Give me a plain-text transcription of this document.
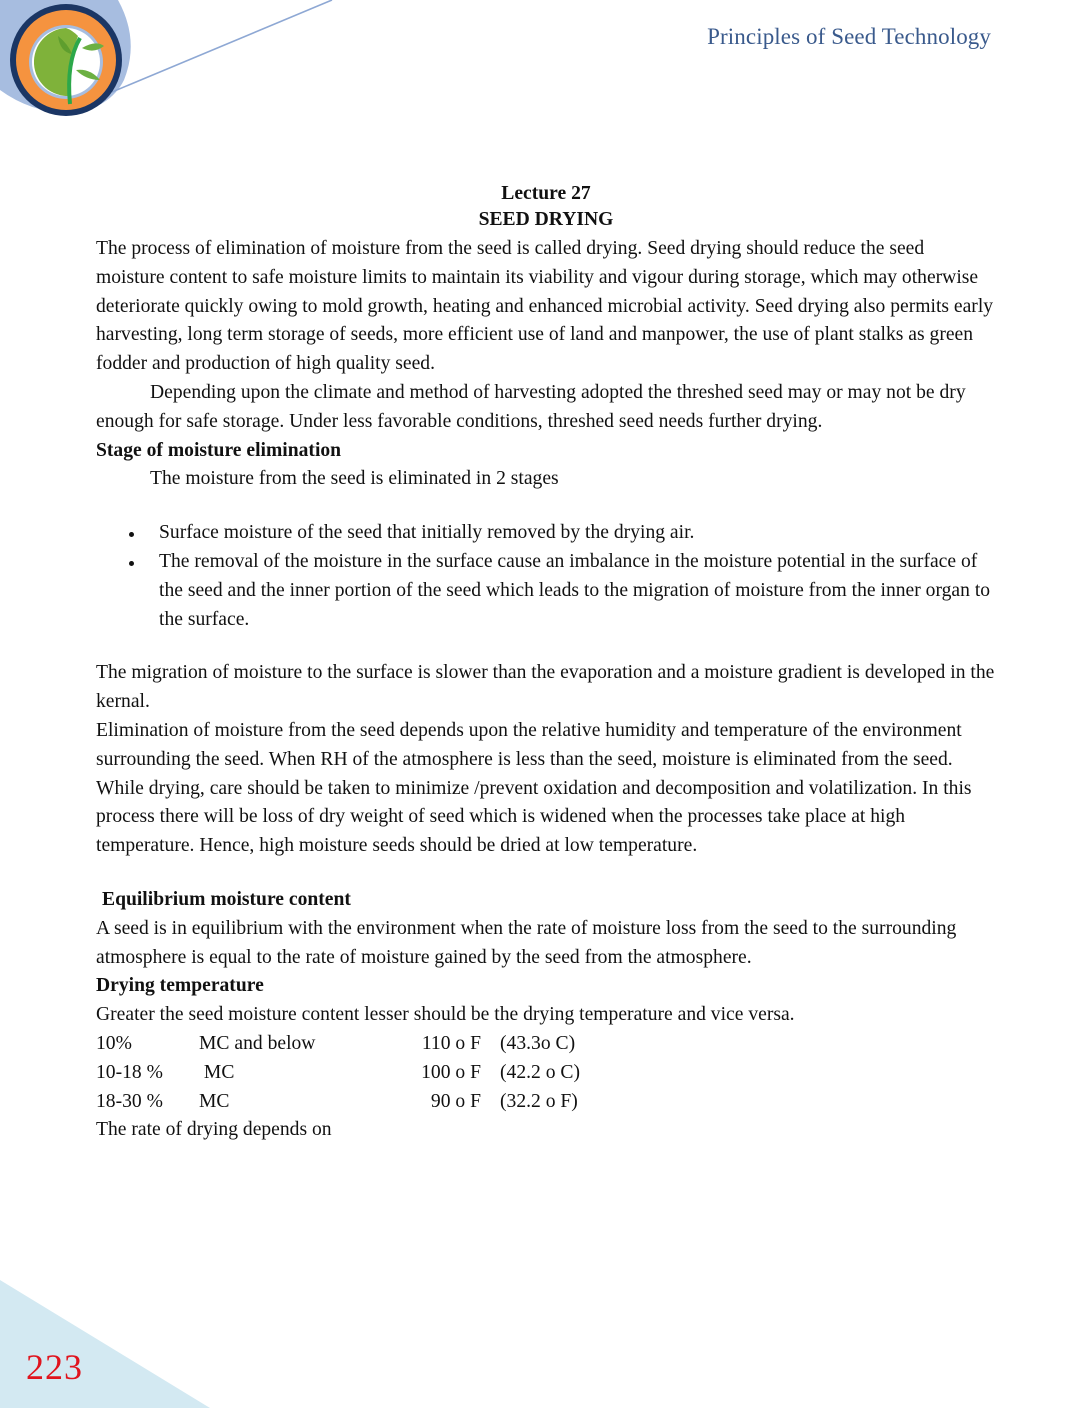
Principles of Seed Technology
Lecture 27
SEED DRYING

The process of elimination of moisture from the seed is called drying. Seed drying should reduce the seed moisture content to safe moisture limits to maintain its viability and vigour during storage, which may otherwise deteriorate quickly owing to mold growth, heating and enhanced microbial activity. Seed drying also permits early harvesting, long term storage of seeds, more efficient use of land and manpower, the use of plant stalks as green fodder and production of high quality seed.

Depending upon the climate and method of harvesting adopted the threshed seed may or may not be dry enough for safe storage. Under less favorable conditions, threshed seed needs further drying.

Stage of moisture elimination

The moisture from the seed is eliminated in 2 stages

Surface moisture of the seed that initially removed by the drying air.
The removal of the moisture in the surface cause an imbalance in the moisture potential in the surface of the seed and the inner portion of the seed which leads to the migration of moisture from the inner organ to the surface.

The migration of moisture to the surface is slower than the evaporation and a moisture gradient is developed in the kernal.

Elimination of moisture from the seed depends upon the relative humidity and temperature of the environment surrounding the seed. When RH of the atmosphere is less than the seed, moisture is eliminated from the seed. While drying, care should be taken to minimize /prevent oxidation and decomposition and volatilization. In this process there will be loss of dry weight of seed which is widened when the processes take place at high temperature. Hence, high moisture seeds should be dried at low temperature.

Equilibrium moisture content

A seed is in equilibrium with the environment when the rate of moisture loss from the seed to the surrounding atmosphere is equal to the rate of moisture gained by the seed from the atmosphere.

Drying temperature

Greater the seed moisture content lesser should be the drying temperature and vice versa.

10%	MC and below	110 o F (43.3o C)
10-18 %	MC	100 o F (42.2 o C)
18-30 %	MC	90 o F (32.2 o F)

The rate of drying depends on

223
